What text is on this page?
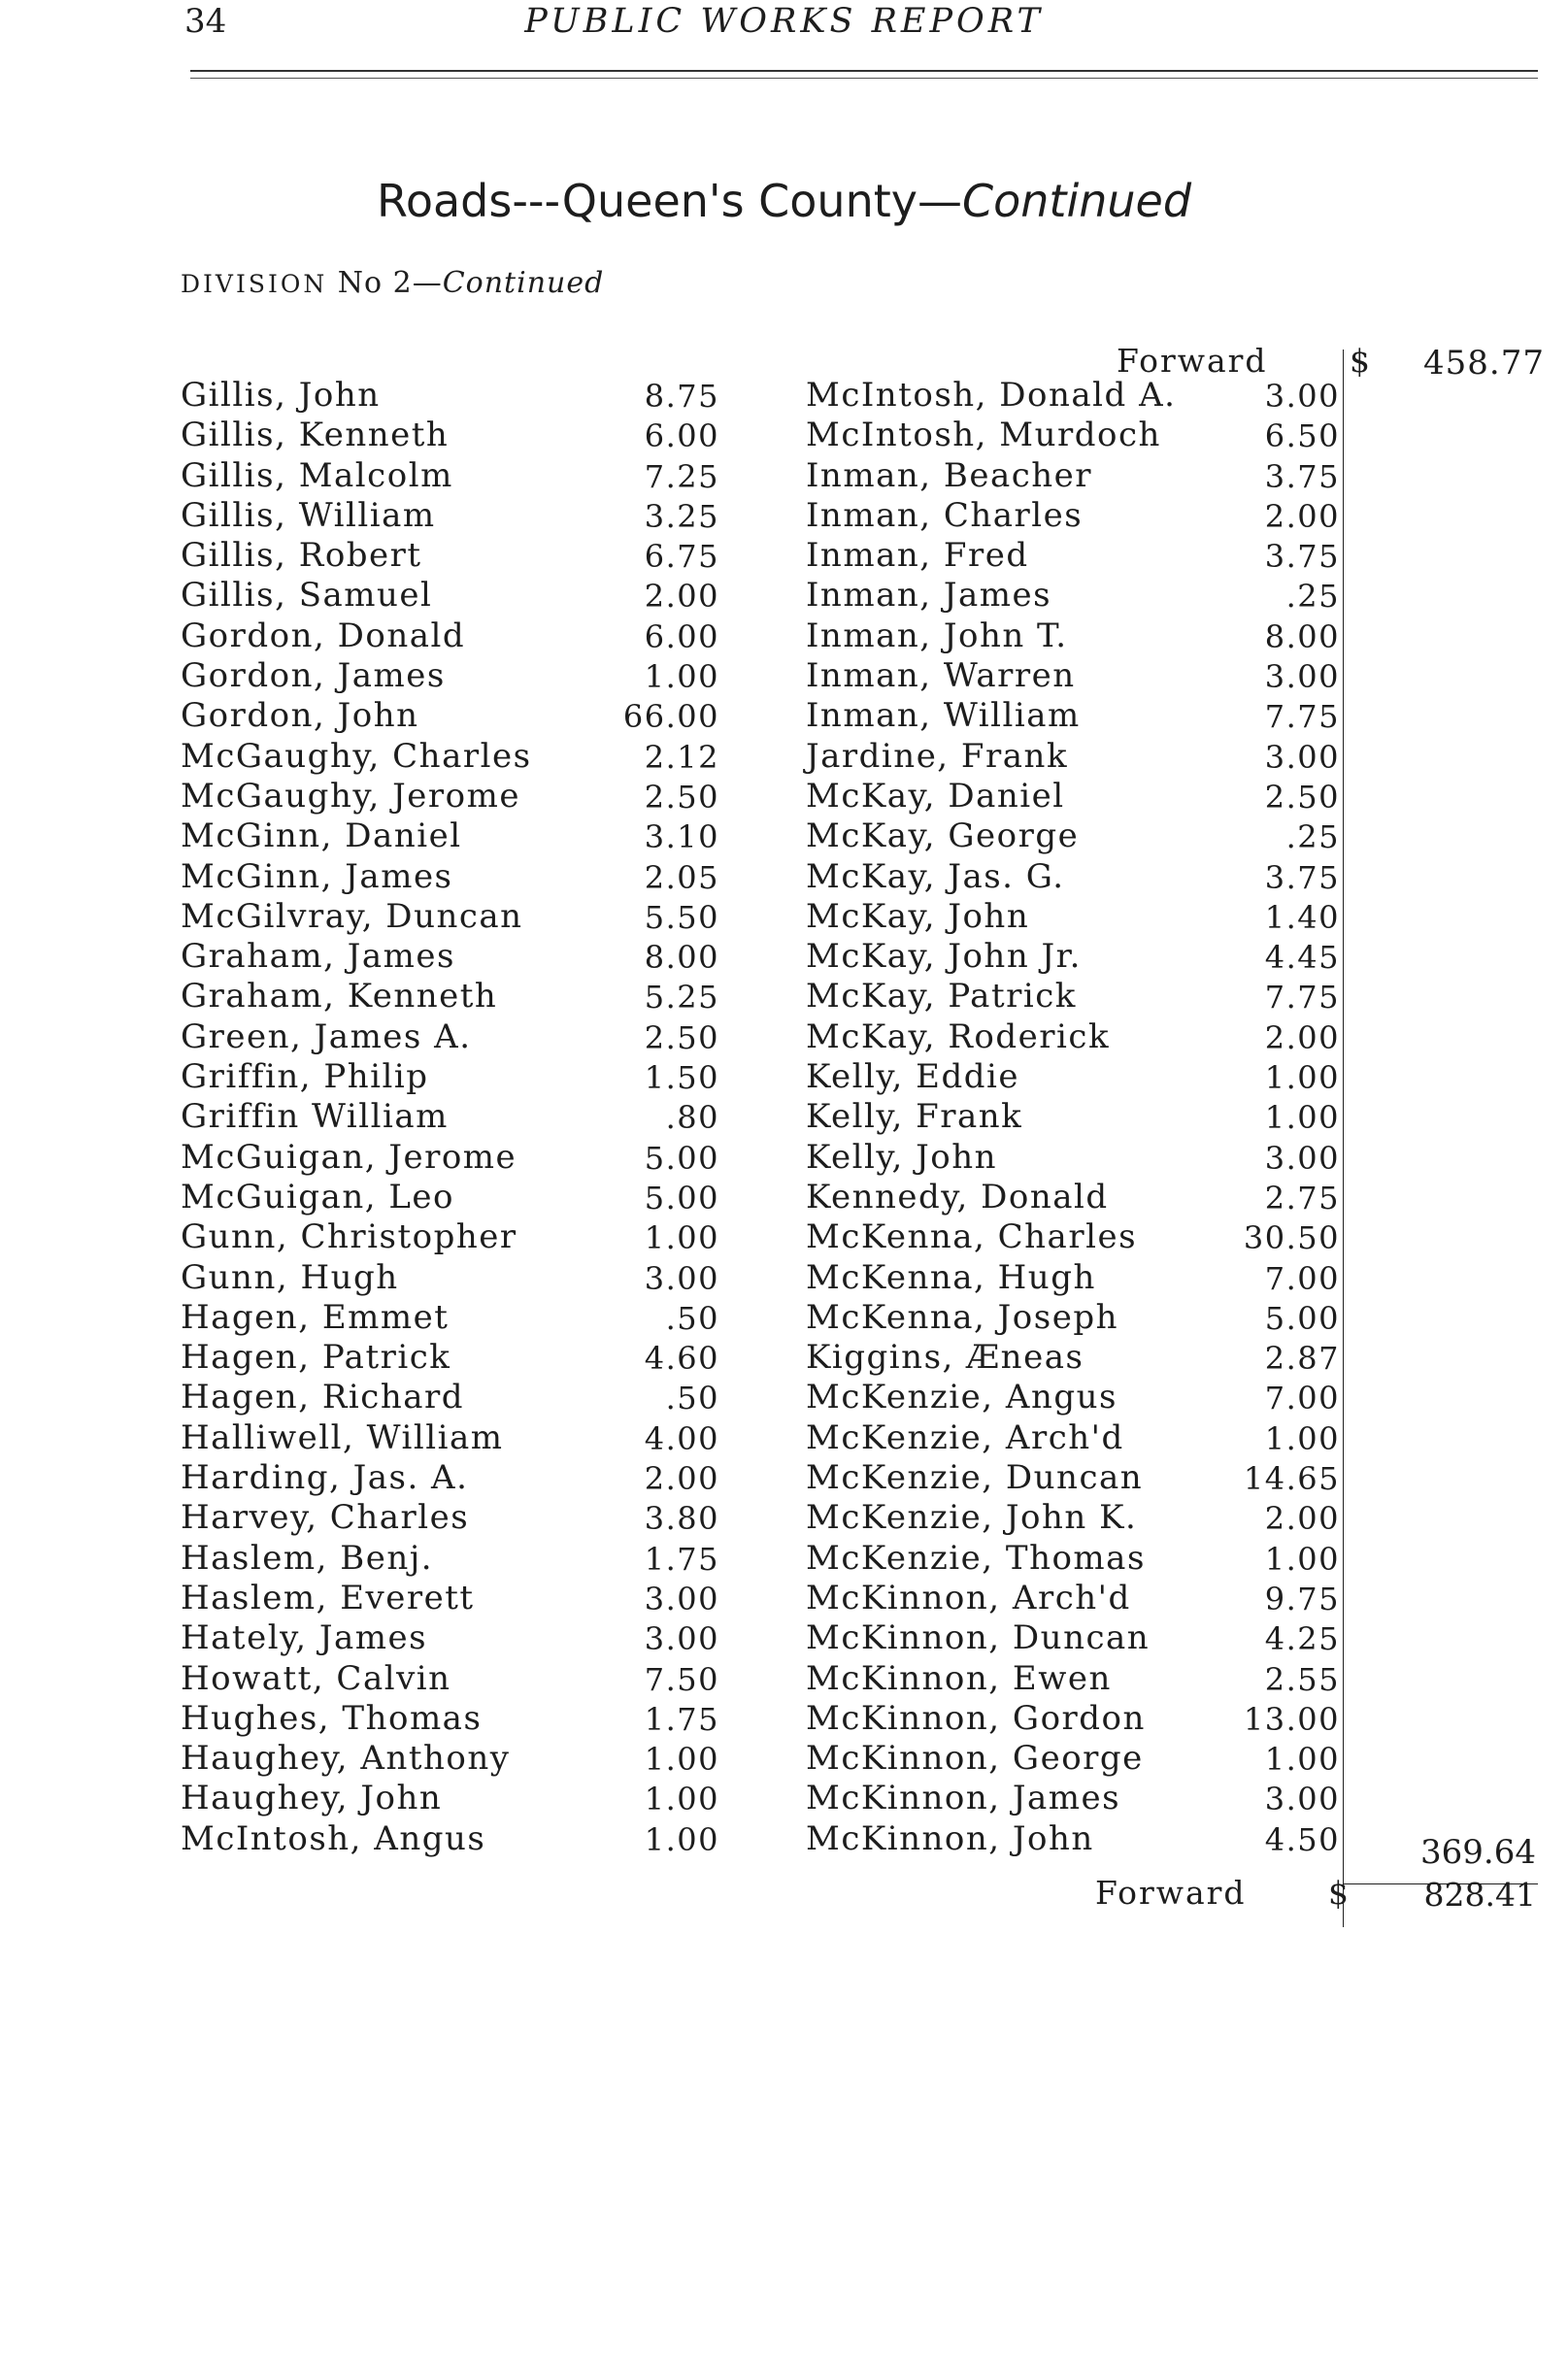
34	PUBLIC WORKS REPORT
Roads---Queen's County—Continued
DIVISION No 2—Continued
Forward	$ 458.77
Gillis, John	8.75
Gillis, Kenneth	6.00
Gillis, Malcolm	7.25
Gillis, William	3.25
Gillis, Robert	6.75
Gillis, Samuel	2.00
Gordon, Donald	6.00
Gordon, James	1.00
Gordon, John	66.00
McGaughy, Charles	2.12
McGaughy, Jerome	2.50
McGinn, Daniel	3.10
McGinn, James	2.05
McGilvray, Duncan	5.50
Graham, James	8.00
Graham, Kenneth	5.25
Green, James A.	2.50
Griffin, Philip	1.50
Griffin William	.80
McGuigan, Jerome	5.00
McGuigan, Leo	5.00
Gunn, Christopher	1.00
Gunn, Hugh	3.00
Hagen, Emmet	.50
Hagen, Patrick	4.60
Hagen, Richard	.50
Halliwell, William	4.00
Harding, Jas. A.	2.00
Harvey, Charles	3.80
Haslem, Benj.	1.75
Haslem, Everett	3.00
Hately, James	3.00
Howatt, Calvin	7.50
Hughes, Thomas	1.75
Haughey, Anthony	1.00
Haughey, John	1.00
McIntosh, Angus	1.00
McIntosh, Donald A.	3.00
McIntosh, Murdoch	6.50
Inman, Beacher	3.75
Inman, Charles	2.00
Inman, Fred	3.75
Inman, James	.25
Inman, John T.	8.00
Inman, Warren	3.00
Inman, William	7.75
Jardine, Frank	3.00
McKay, Daniel	2.50
McKay, George	.25
McKay, Jas. G.	3.75
McKay, John	1.40
McKay, John Jr.	4.45
McKay, Patrick	7.75
McKay, Roderick	2.00
Kelly, Eddie	1.00
Kelly, Frank	1.00
Kelly, John	3.00
Kennedy, Donald	2.75
McKenna, Charles	30.50
McKenna, Hugh	7.00
McKenna, Joseph	5.00
Kiggins, Æneas	2.87
McKenzie, Angus	7.00
McKenzie, Arch'd	1.00
McKenzie, Duncan	14.65
McKenzie, John K.	2.00
McKenzie, Thomas	1.00
McKinnon, Arch'd	9.75
McKinnon, Duncan	4.25
McKinnon, Ewen	2.55
McKinnon, Gordon	13.00
McKinnon, George	1.00
McKinnon, James	3.00
McKinnon, John	4.50	369.64
Forward	$	828.41
